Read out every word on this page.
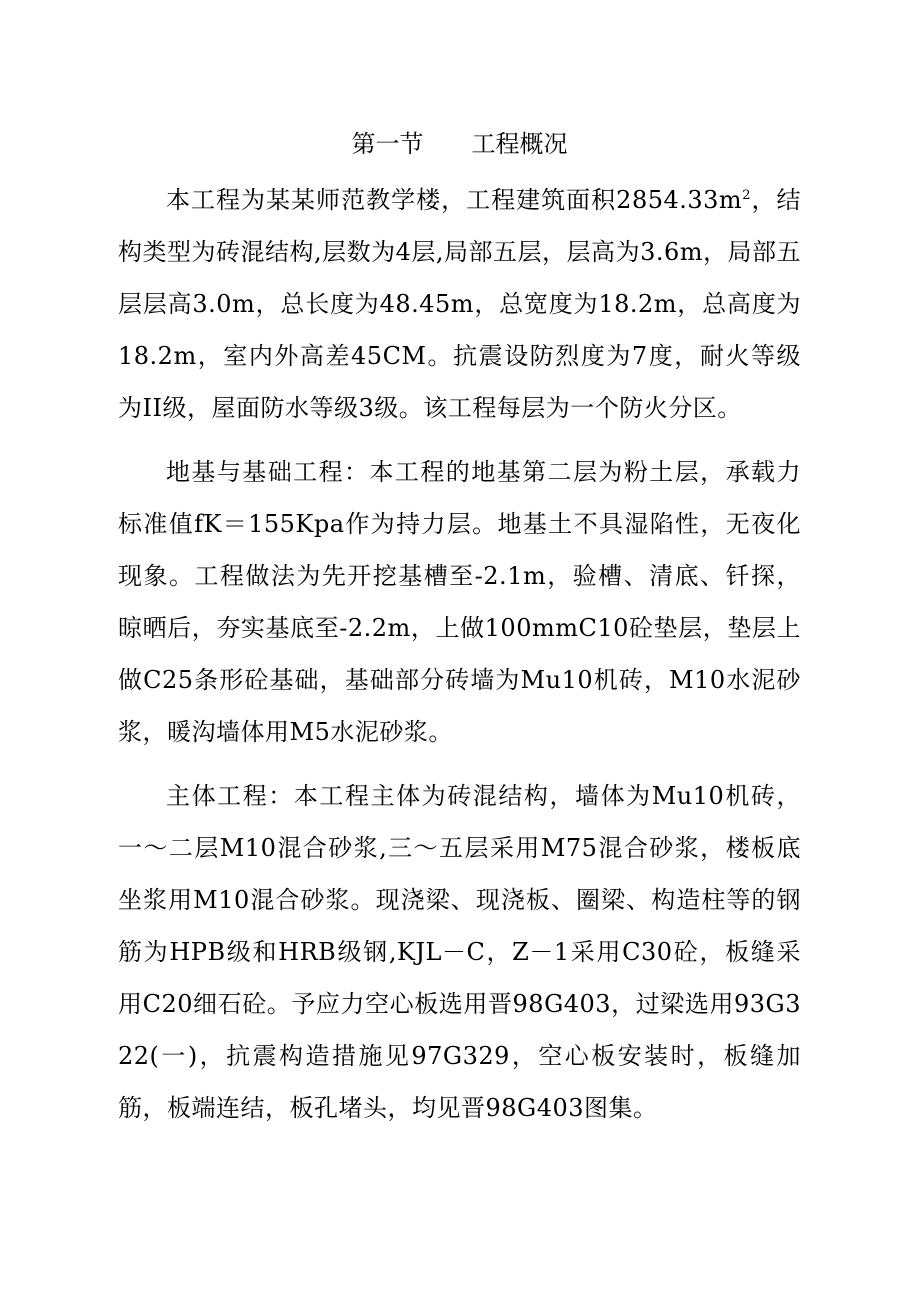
第一节　　工程概况

本工程为某某师范教学楼，工程建筑面积$2854.33m^2$，结构类型为砖混结构,层数为4层,局部五层，层高为3.6m，局部五层层高3.0m，总长度为48.45m，总宽度为18.2m，总高度为18.2m，室内外高差45CM。抗震设防烈度为7度，耐火等级为II级，屋面防水等级3级。该工程每层为一个防火分区。

地基与基础工程：本工程的地基第二层为粉土层，承载力标准值fK＝155Kpa作为持力层。地基土不具湿陷性，无夜化现象。工程做法为先开挖基槽至-2.1m，验槽、清底、钎探，晾晒后，夯实基底至-2.2m，上做100mmC10砼垫层，垫层上做C25条形砼基础，基础部分砖墙为Mu10机砖，M10水泥砂浆，暖沟墙体用M5水泥砂浆。

主体工程：本工程主体为砖混结构，墙体为Mu10机砖，一～二层M10混合砂浆,三～五层采用M75混合砂浆，楼板底坐浆用M10混合砂浆。现浇梁、现浇板、圈梁、构造柱等的钢筋为HPB级和HRB级钢,KJL－C，Z－1采用C30砼，板缝采用C20细石砼。予应力空心板选用晋98G403，过梁选用93G322(一)，抗震构造措施见97G329，空心板安装时，板缝加筋，板端连结，板孔堵头，均见晋98G403图集。
